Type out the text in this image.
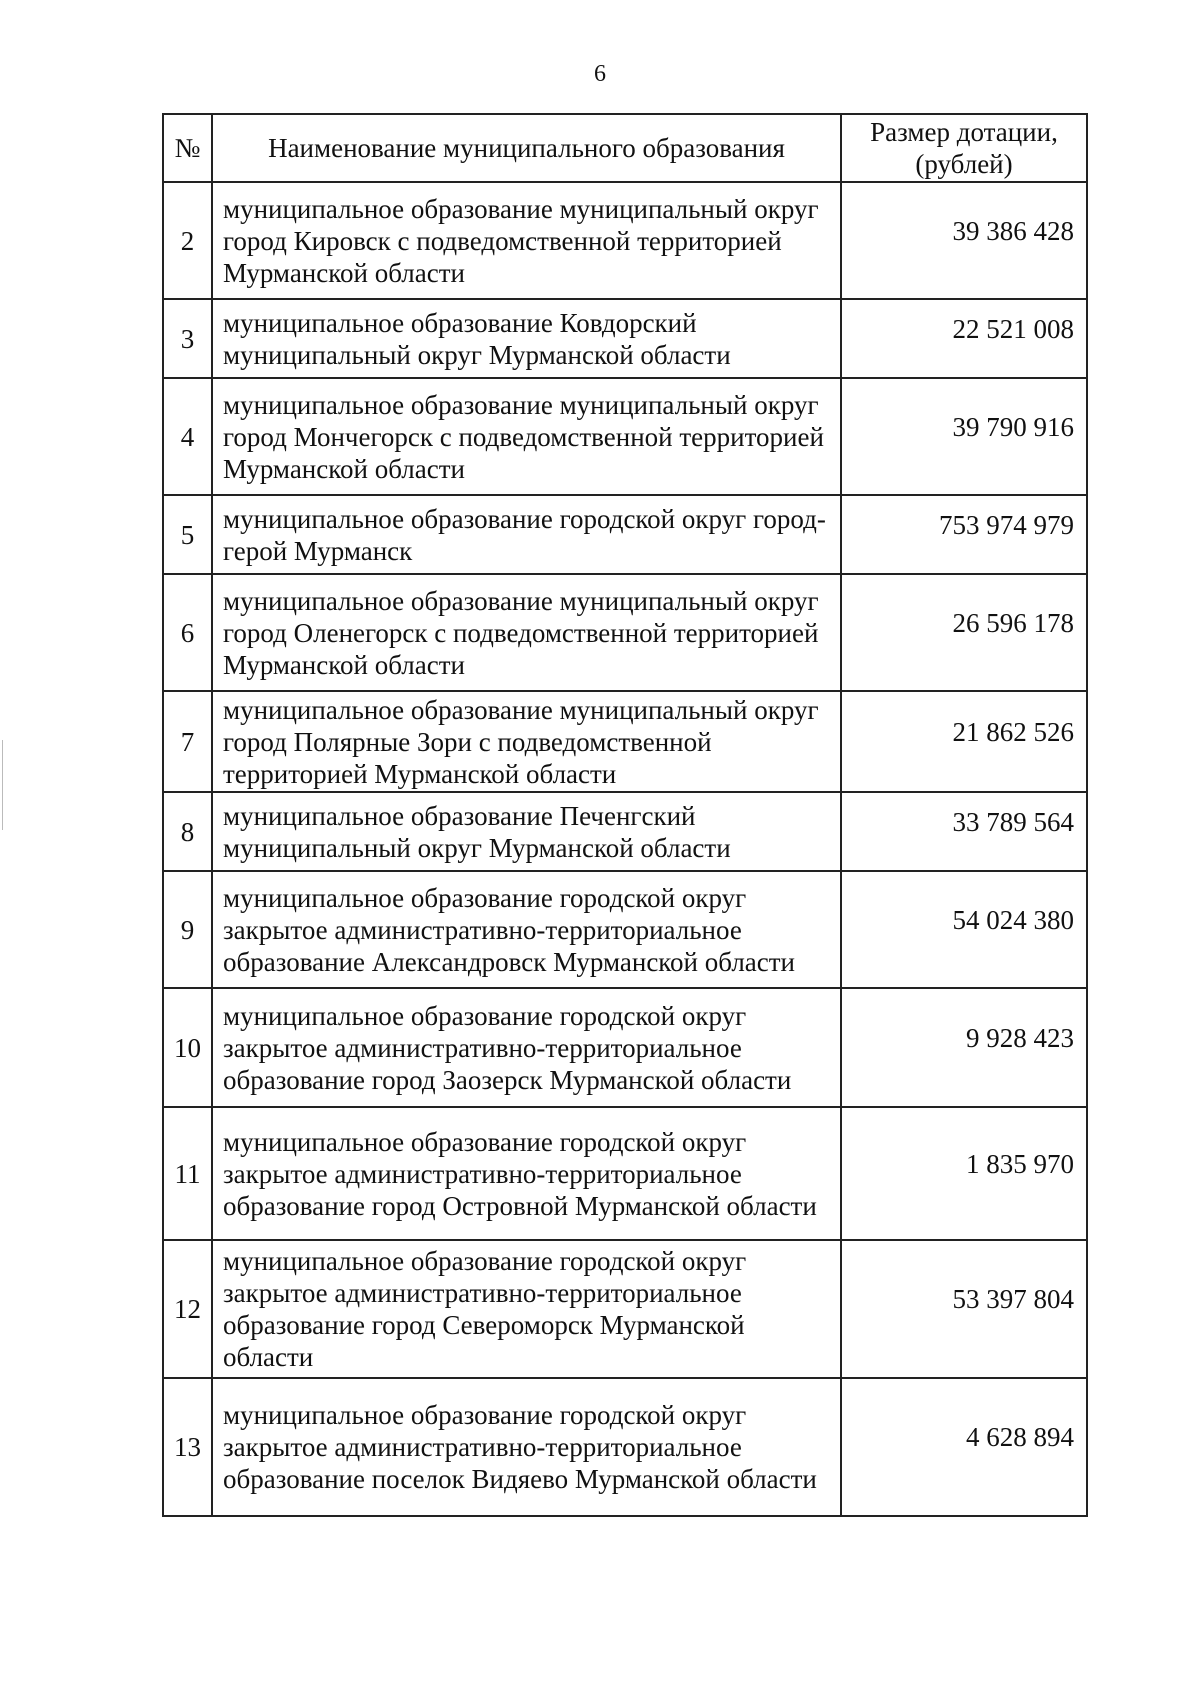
6
№	Наименование муниципального образования	Размер дотации, (рублей)
2	муниципальное образование муниципальный округ город Кировск с подведомственной территорией Мурманской области	39 386 428

3	муниципальное образование Ковдорский муниципальный округ Мурманской области	22 521 008

4	муниципальное образование муниципальный округ город Мончегорск с подведомственной территорией Мурманской области	39 790 916

5	муниципальное образование городской округ город-герой Мурманск	753 974 979

6	муниципальное образование муниципальный округ город Оленегорск с подведомственной территорией Мурманской области	26 596 178

7	муниципальное образование муниципальный округ город Полярные Зори с подведомственной территорией Мурманской области	21 862 526

8	муниципальное образование Печенгский муниципальный округ Мурманской области	33 789 564

9	муниципальное образование городской округ закрытое административно-территориальное образование Александровск Мурманской области	54 024 380

10	муниципальное образование городской округ закрытое административно-территориальное образование город Заозерск Мурманской области	9 928 423

11	муниципальное образование городской округ закрытое административно-территориальное образование город Островной Мурманской области	1 835 970

12	муниципальное образование городской округ закрытое административно-территориальное образование город Североморск Мурманской области	53 397 804

13	муниципальное образование городской округ закрытое административно-территориальное образование поселок Видяево Мурманской области	4 628 894
